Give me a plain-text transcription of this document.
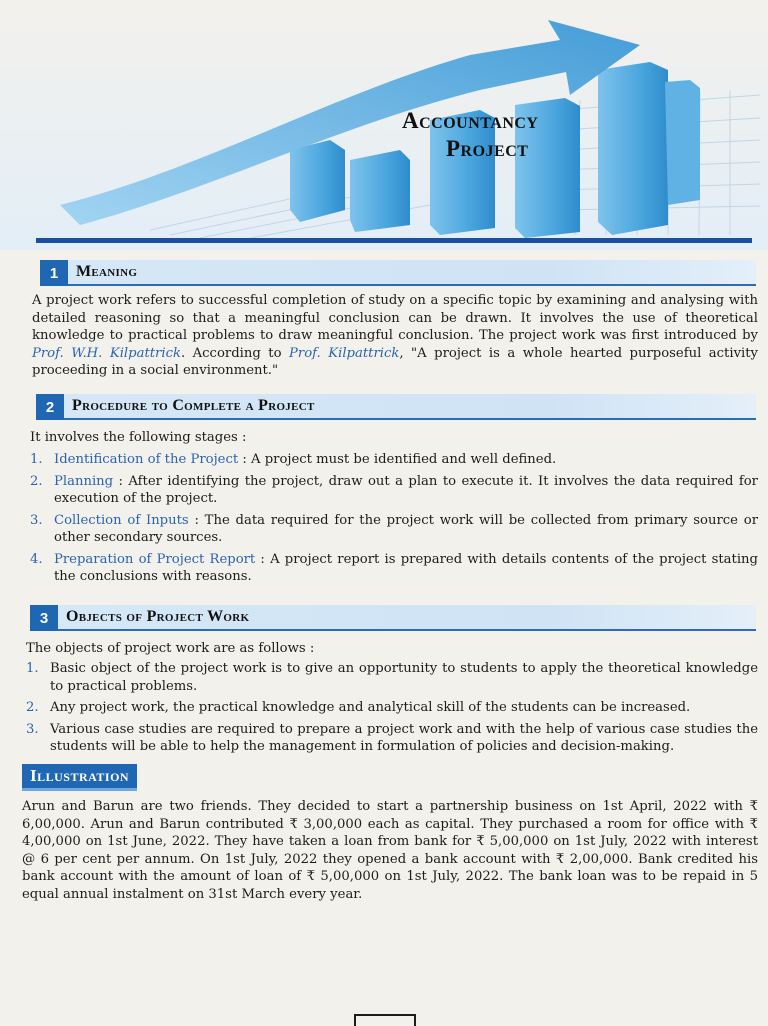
Accountancy
Project
1	Meaning
A project work refers to successful completion of study on a specific topic by examining and analysing with detailed reasoning so that a meaningful conclusion can be drawn. It involves the use of theoretical knowledge to practical problems to draw meaningful conclusion. The project work was first introduced by Prof. W.H. Kilpattrick. According to Prof. Kilpattrick, "A project is a whole hearted purposeful activity proceeding in a social environment."
2	Procedure to Complete a Project
It involves the following stages :
1. Identification of the Project : A project must be identified and well defined.
2. Planning : After identifying the project, draw out a plan to execute it. It involves the data required for execution of the project.
3. Collection of Inputs : The data required for the project work will be collected from primary source or other secondary sources.
4. Preparation of Project Report : A project report is prepared with details contents of the project stating the conclusions with reasons.
3	Objects of Project Work
The objects of project work are as follows :
1. Basic object of the project work is to give an opportunity to students to apply the theoretical knowledge to practical problems.
2. Any project work, the practical knowledge and analytical skill of the students can be increased.
3. Various case studies are required to prepare a project work and with the help of various case studies the students will be able to help the management in formulation of policies and decision-making.
Illustration
Arun and Barun are two friends. They decided to start a partnership business on 1st April, 2022 with ₹ 6,00,000. Arun and Barun contributed ₹ 3,00,000 each as capital. They purchased a room for office with ₹ 4,00,000 on 1st June, 2022. They have taken a loan from bank for ₹ 5,00,000 on 1st July, 2022 with interest @ 6 per cent per annum. On 1st July, 2022 they opened a bank account with ₹ 2,00,000. Bank credited his bank account with the amount of loan of ₹ 5,00,000 on 1st July, 2022. The bank loan was to be repaid in 5 equal annual instalment on 31st March every year.
